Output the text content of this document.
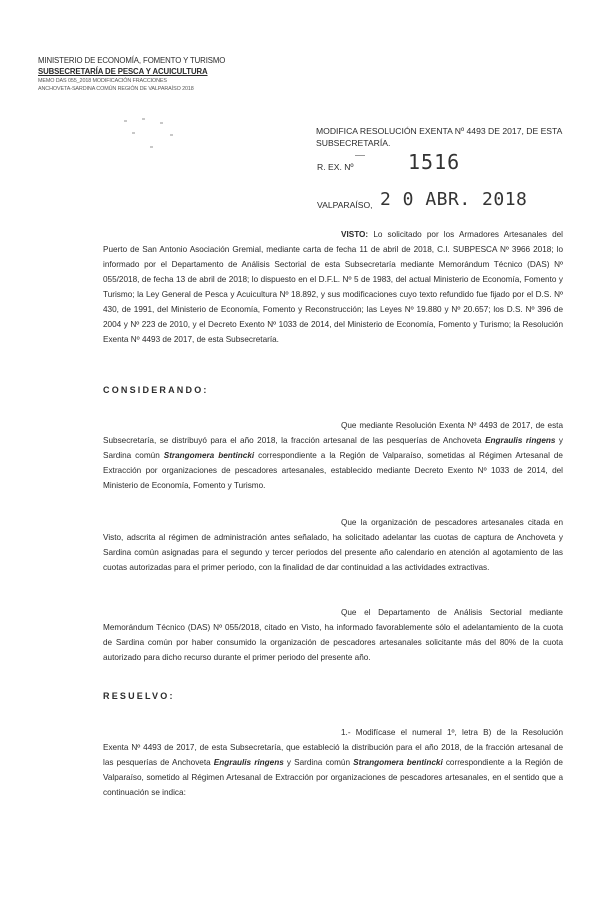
MINISTERIO DE ECONOMÍA, FOMENTO Y TURISMO
SUBSECRETARÍA DE PESCA Y ACUICULTURA
MEMO DAS 055_2018 MODIFICACIÓN FRACCIONES
ANCHOVETA-SARDINA COMÚN REGIÓN DE VALPARAÍSO 2018
MODIFICA RESOLUCIÓN EXENTA Nº 4493 DE 2017, DE ESTA SUBSECRETARÍA.
R. EX. Nº	1516
VALPARAÍSO, 2 0 ABR. 2018
VISTO: Lo solicitado por los Armadores Artesanales del Puerto de San Antonio Asociación Gremial, mediante carta de fecha 11 de abril de 2018, C.I. SUBPESCA Nº 3966 2018; lo informado por el Departamento de Análisis Sectorial de esta Subsecretaría mediante Memorándum Técnico (DAS) Nº 055/2018, de fecha 13 de abril de 2018; lo dispuesto en el D.F.L. Nº 5 de 1983, del actual Ministerio de Economía, Fomento y Turismo; la Ley General de Pesca y Acuicultura Nº 18.892, y sus modificaciones cuyo texto refundido fue fijado por el D.S. Nº 430, de 1991, del Ministerio de Economía, Fomento y Reconstrucción; las Leyes Nº 19.880 y Nº 20.657; los D.S. Nº 396 de 2004 y Nº 223 de 2010, y el Decreto Exento Nº 1033 de 2014, del Ministerio de Economía, Fomento y Turismo; la Resolución Exenta Nº 4493 de 2017, de esta Subsecretaría.
CONSIDERANDO:
Que mediante Resolución Exenta Nº 4493 de 2017, de esta Subsecretaría, se distribuyó para el año 2018, la fracción artesanal de las pesquerías de Anchoveta Engraulis ringens y Sardina común Strangomera bentincki correspondiente a la Región de Valparaíso, sometidas al Régimen Artesanal de Extracción por organizaciones de pescadores artesanales, establecido mediante Decreto Exento Nº 1033 de 2014, del Ministerio de Economía, Fomento y Turismo.
Que la organización de pescadores artesanales citada en Visto, adscrita al régimen de administración antes señalado, ha solicitado adelantar las cuotas de captura de Anchoveta y Sardina común asignadas para el segundo y tercer periodos del presente año calendario en atención al agotamiento de las cuotas autorizadas para el primer periodo, con la finalidad de dar continuidad a las actividades extractivas.
Que el Departamento de Análisis Sectorial mediante Memorándum Técnico (DAS) Nº 055/2018, citado en Visto, ha informado favorablemente sólo el adelantamiento de la cuota de Sardina común por haber consumido la organización de pescadores artesanales solicitante más del 80% de la cuota autorizado para dicho recurso durante el primer periodo del presente año.
RESUELVO:
1.- Modifícase el numeral 1º, letra B) de la Resolución Exenta Nº 4493 de 2017, de esta Subsecretaría, que estableció la distribución para el año 2018, de la fracción artesanal de las pesquerías de Anchoveta Engraulis ringens y Sardina común Strangomera bentincki correspondiente a la Región de Valparaíso, sometido al Régimen Artesanal de Extracción por organizaciones de pescadores artesanales, en el sentido que a continuación se indica:
